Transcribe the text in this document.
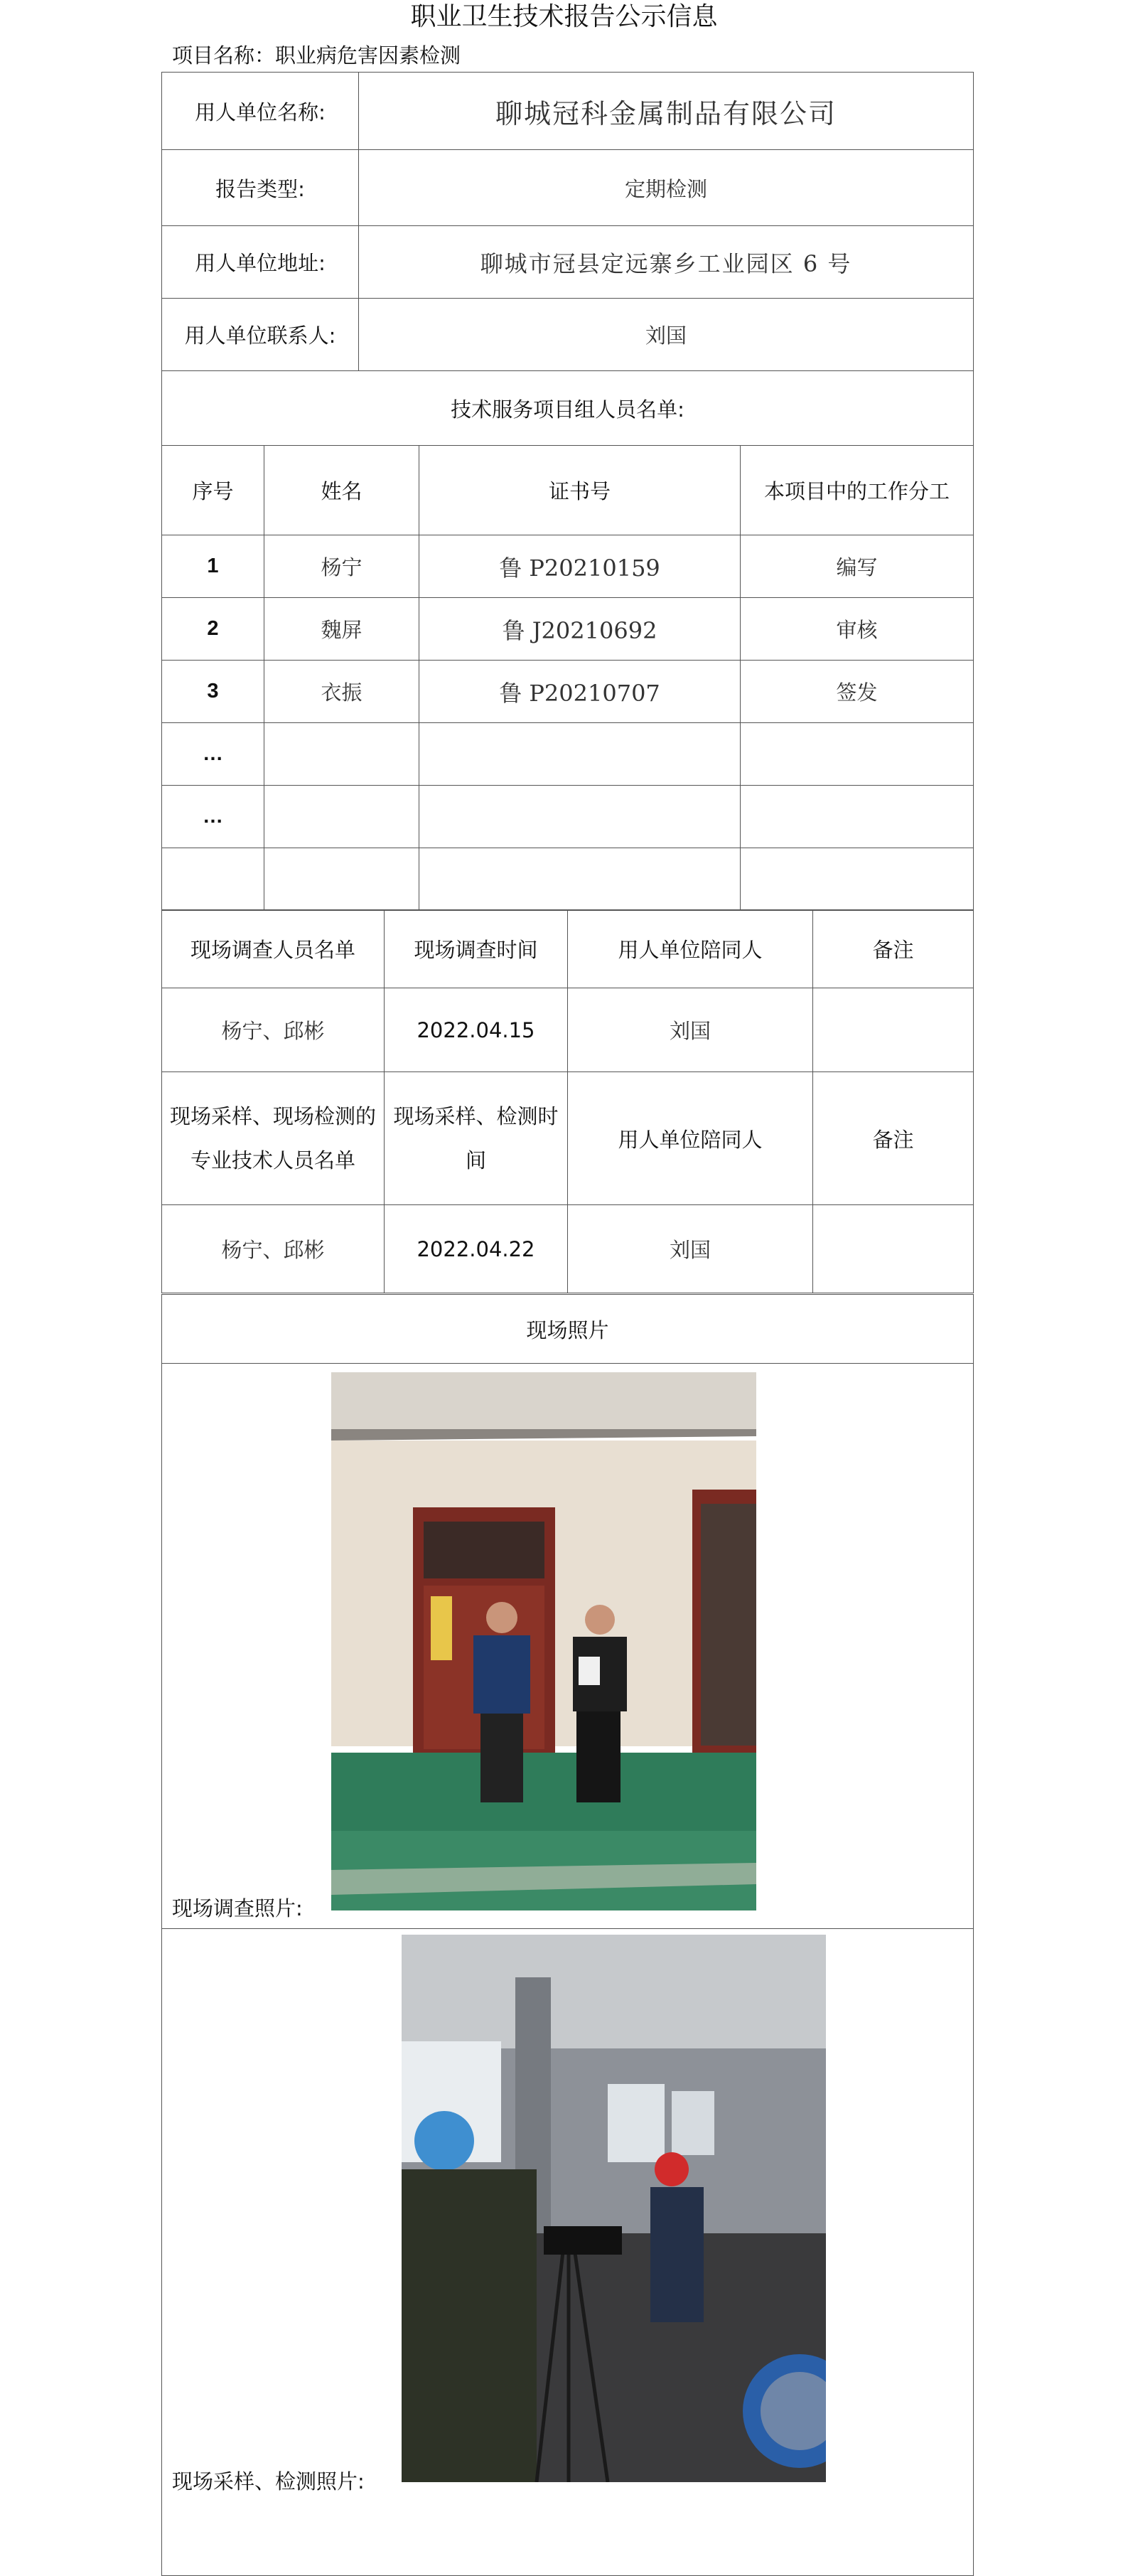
职业卫生技术报告公示信息
项目名称：职业病危害因素检测
用人单位名称:	聊城冠科金属制品有限公司
报告类型:	定期检测
用人单位地址:	聊城市冠县定远寨乡工业园区 6 号
用人单位联系人:	刘国
技术服务项目组人员名单:	
序号	姓名	证书号	本项目中的工作分工
1	杨宁	鲁 P20210159	编写
2	魏屏	鲁 J20210692	审核
3	衣振	鲁 P20210707	签发
…			
…			

现场调查人员名单	现场调查时间	用人单位陪同人	备注
杨宁、邱彬	2022.04.15	刘国	
现场采样、现场检测的专业技术人员名单	现场采样、检测时间	用人单位陪同人	备注
杨宁、邱彬	2022.04.22	刘国	
现场照片

现场调查照片:

现场采样、检测照片:
